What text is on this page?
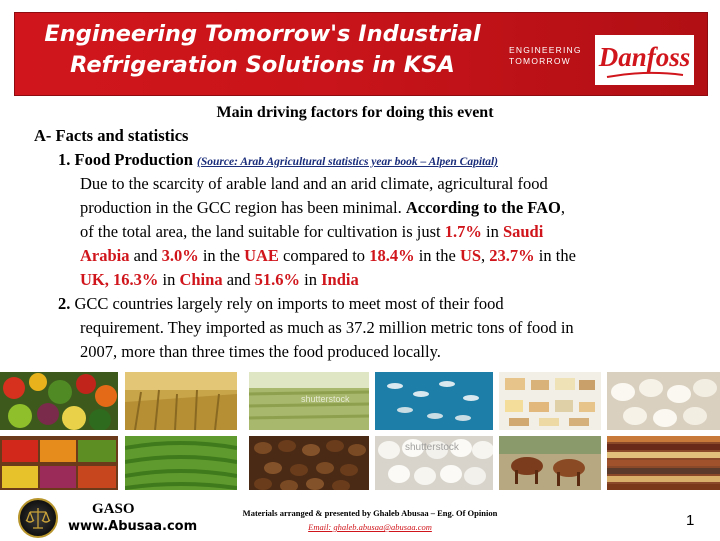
Engineering Tomorrow's Industrial
Refrigeration Solutions in KSA
ENGINEERING
TOMORROW	Danfoss
Main driving factors for doing this event
A- Facts and statistics
1. Food Production (Source: Arab Agricultural statistics year book – Alpen Capital)
Due to the scarcity of arable land and an arid climate, agricultural food
production in the GCC region has been minimal. According to the FAO,
of the total area, the land suitable for cultivation is just 1.7% in Saudi
Arabia and 3.0% in the UAE compared to 18.4% in the US, 23.7% in the
UK, 16.3% in China and 51.6% in India
2. GCC countries largely rely on imports to meet most of their food
requirement. They imported as much as 37.2 million metric tons of food in
2007, more than three times the food produced locally.
shutterstock
shutterstock
GASO
www.Abusaa.com
Materials arranged & presented by Ghaleb Abusaa – Eng. Of Opinion
Email: ghaleb.abusaa@abusaa.com	1
